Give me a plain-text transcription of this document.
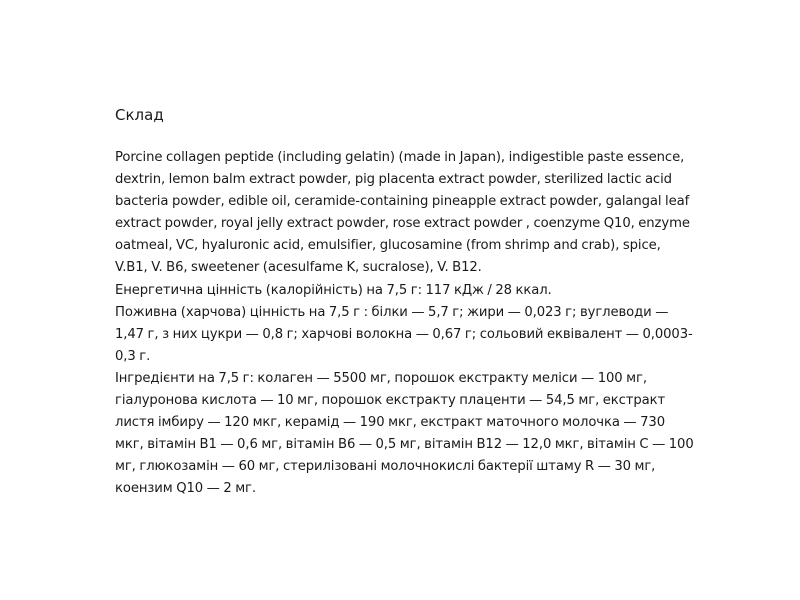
Склад

Porcine collagen peptide (including gelatin) (made in Japan), indigestible paste essence, dextrin, lemon balm extract powder, pig placenta extract powder, sterilized lactic acid bacteria powder, edible oil, ceramide-containing pineapple extract powder, galangal leaf extract powder, royal jelly extract powder, rose extract powder , coenzyme Q10, enzyme oatmeal, VC, hyaluronic acid, emulsifier, glucosamine (from shrimp and crab), spice, V.B1, V. B6, sweetener (acesulfame K, sucralose), V. B12.

Енергетична цінність (калорійність) на 7,5 г: 117 кДж / 28 ккал.

Поживна (харчова) цінність на 7,5 г : білки — 5,7 г; жири — 0,023 г; вуглеводи — 1,47 г, з них цукри — 0,8 г; харчові волокна — 0,67 г; сольовий еквівалент — 0,0003-0,3 г.

Інгредієнти на 7,5 г: колаген — 5500 мг, порошок екстракту меліси — 100 мг, гіалуронова кислота — 10 мг, порошок екстракту плаценти — 54,5 мг, екстракт листя імбиру — 120 мкг, керамід — 190 мкг, екстракт маточного молочка — 730 мкг, вітамін B1 — 0,6 мг, вітамін B6 — 0,5 мг, вітамін B12 — 12,0 мкг, вітамін C — 100 мг, глюкозамін — 60 мг, стерилізовані молочнокислі бактерії штаму R — 30 мг, коензим Q10 — 2 мг.
